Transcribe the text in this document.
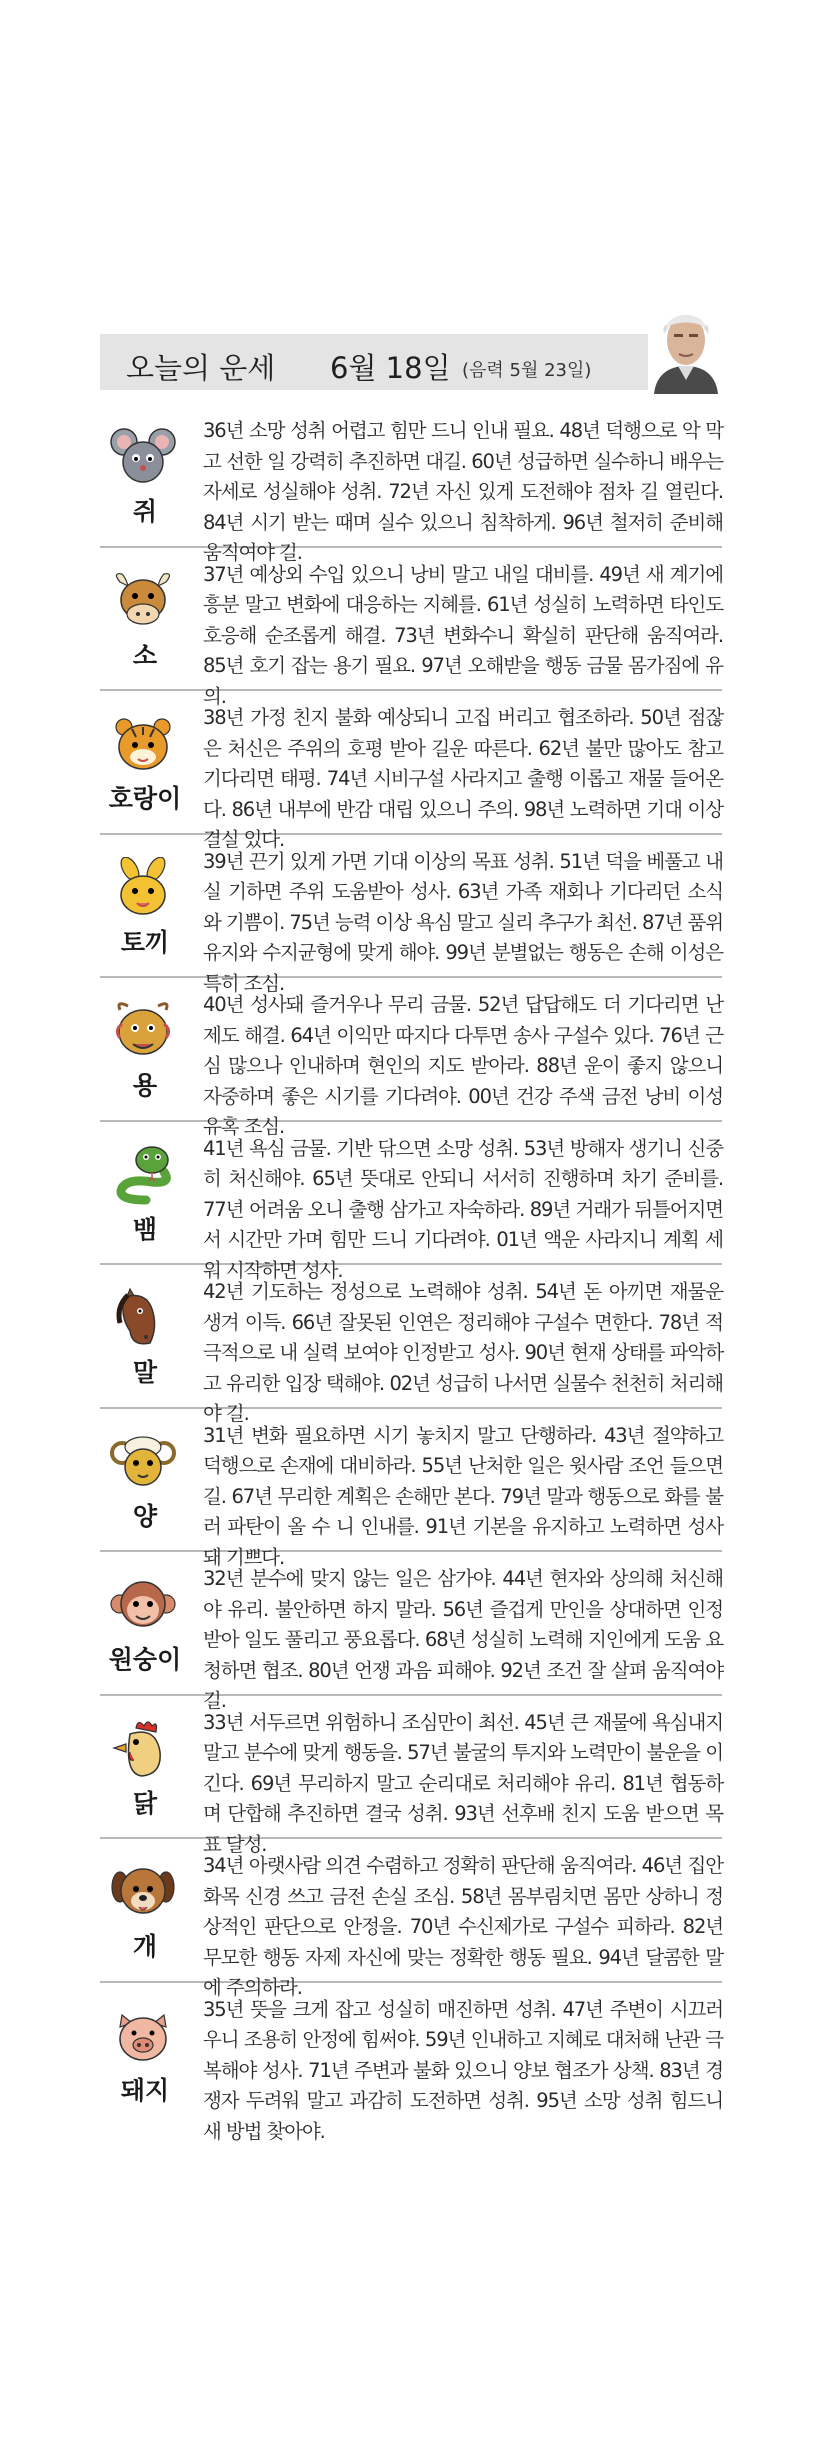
오늘의 운세 6월 18일 (음력 5월 23일)
쥐
36년 소망 성취 어렵고 힘만 드니 인내 필요. 48년 덕행으로 악 막고 선한 일 강력히 추진하면 대길. 60년 성급하면 실수하니 배우는 자세로 성실해야 성취. 72년 자신 있게 도전해야 점차 길 열린다. 84년 시기 받는 때며 실수 있으니 침착하게. 96년 철저히 준비해 움직여야 길.
소
37년 예상외 수입 있으니 낭비 말고 내일 대비를. 49년 새 계기에 흥분 말고 변화에 대응하는 지혜를. 61년 성실히 노력하면 타인도 호응해 순조롭게 해결. 73년 변화수니 확실히 판단해 움직여라. 85년 호기 잡는 용기 필요. 97년 오해받을 행동 금물 몸가짐에 유의.
호랑이
38년 가정 친지 불화 예상되니 고집 버리고 협조하라. 50년 점잖은 처신은 주위의 호평 받아 길운 따른다. 62년 불만 많아도 참고 기다리면 태평. 74년 시비구설 사라지고 출행 이롭고 재물 들어온다. 86년 내부에 반감 대립 있으니 주의. 98년 노력하면 기대 이상 결실 있다.
토끼
39년 끈기 있게 가면 기대 이상의 목표 성취. 51년 덕을 베풀고 내실 기하면 주위 도움받아 성사. 63년 가족 재회나 기다리던 소식 와 기쁨이. 75년 능력 이상 욕심 말고 실리 추구가 최선. 87년 품위유지와 수지균형에 맞게 해야. 99년 분별없는 행동은 손해 이성은 특히 조심.
용
40년 성사돼 즐거우나 무리 금물. 52년 답답해도 더 기다리면 난제도 해결. 64년 이익만 따지다 다투면 송사 구설수 있다. 76년 근심 많으나 인내하며 현인의 지도 받아라. 88년 운이 좋지 않으니 자중하며 좋은 시기를 기다려야. 00년 건강 주색 금전 낭비 이성 유혹 조심.
뱀
41년 욕심 금물. 기반 닦으면 소망 성취. 53년 방해자 생기니 신중히 처신해야. 65년 뜻대로 안되니 서서히 진행하며 차기 준비를. 77년 어려움 오니 출행 삼가고 자숙하라. 89년 거래가 뒤틀어지면서 시간만 가며 힘만 드니 기다려야. 01년 액운 사라지니 계획 세워 시작하면 성사.
말
42년 기도하는 정성으로 노력해야 성취. 54년 돈 아끼면 재물운 생겨 이득. 66년 잘못된 인연은 정리해야 구설수 면한다. 78년 적극적으로 내 실력 보여야 인정받고 성사. 90년 현재 상태를 파악하고 유리한 입장 택해야. 02년 성급히 나서면 실물수 천천히 처리해야 길.
양
31년 변화 필요하면 시기 놓치지 말고 단행하라. 43년 절약하고 덕행으로 손재에 대비하라. 55년 난처한 일은 윗사람 조언 들으면 길. 67년 무리한 계획은 손해만 본다. 79년 말과 행동으로 화를 불러 파탄이 올 수 니 인내를. 91년 기본을 유지하고 노력하면 성사돼 기쁘다.
원숭이
32년 분수에 맞지 않는 일은 삼가야. 44년 현자와 상의해 처신해야 유리. 불안하면 하지 말라. 56년 즐겁게 만인을 상대하면 인정받아 일도 풀리고 풍요롭다. 68년 성실히 노력해 지인에게 도움 요청하면 협조. 80년 언쟁 과음 피해야. 92년 조건 잘 살펴 움직여야 길.
닭
33년 서두르면 위험하니 조심만이 최선. 45년 큰 재물에 욕심내지 말고 분수에 맞게 행동을. 57년 불굴의 투지와 노력만이 불운을 이긴다. 69년 무리하지 말고 순리대로 처리해야 유리. 81년 협동하며 단합해 추진하면 결국 성취. 93년 선후배 친지 도움 받으면 목표 달성.
개
34년 아랫사람 의견 수렴하고 정확히 판단해 움직여라. 46년 집안 화목 신경 쓰고 금전 손실 조심. 58년 몸부림치면 몸만 상하니 정상적인 판단으로 안정을. 70년 수신제가로 구설수 피하라. 82년 무모한 행동 자제 자신에 맞는 정확한 행동 필요. 94년 달콤한 말에 주의하라.
돼지
35년 뜻을 크게 잡고 성실히 매진하면 성취. 47년 주변이 시끄러우니 조용히 안정에 힘써야. 59년 인내하고 지혜로 대처해 난관 극복해야 성사. 71년 주변과 불화 있으니 양보 협조가 상책. 83년 경쟁자 두려워 말고 과감히 도전하면 성취. 95년 소망 성취 힘드니 새 방법 찾아야.
